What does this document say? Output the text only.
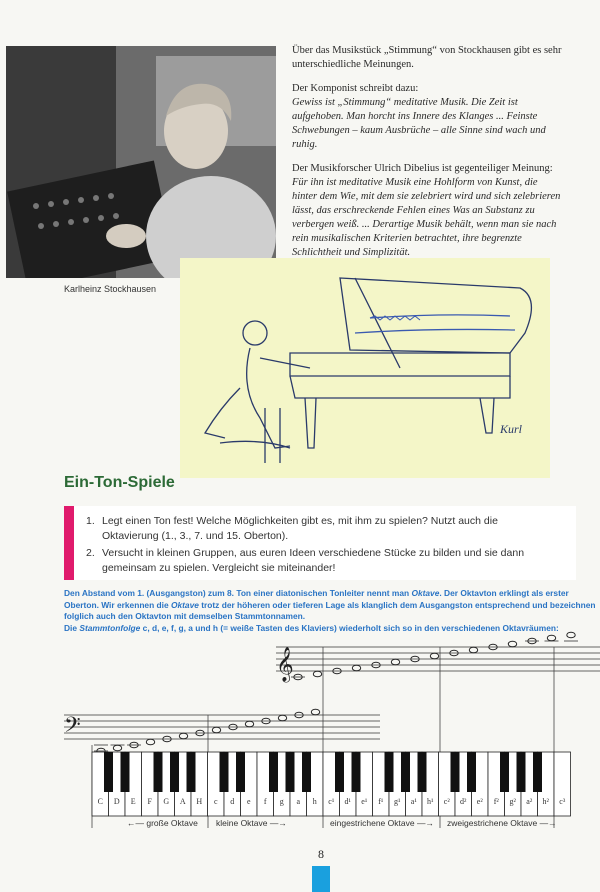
Karlheinz Stockhausen

Über das Musikstück „Stimmung“ von Stockhausen gibt es sehr unterschiedliche Meinungen.

Der Komponist schreibt dazu:
Gewiss ist „Stimmung“ meditative Musik. Die Zeit ist aufgehoben. Man horcht ins Innere des Klanges ... Feinste Schwebungen – kaum Ausbrüche – alle Sinne sind wach und ruhig.

Der Musikforscher Ulrich Dibelius ist gegenteiliger Meinung:
Für ihn ist meditative Musik eine Hohlform von Kunst, die hinter dem Wie, mit dem sie zelebriert wird und sich zelebrieren lässt, das erschreckende Fehlen eines Was an Substanz zu verbergen weiß. ... Derartige Musik behält, wenn man sie nach rein musikalischen Kriterien betrachtet, ihre begrenzte Schlichtheit und Simplizität.

Kurl
Ein-Ton-Spiele
1. Legt einen Ton fest! Welche Möglichkeiten gibt es, mit ihm zu spielen? Nutzt auch die Oktavierung (1., 3., 7. und 15. Oberton).
2. Versucht in kleinen Gruppen, aus euren Ideen verschiedene Stücke zu bilden und sie dann gemeinsam zu spielen. Vergleicht sie miteinander!
Den Abstand vom 1. (Ausgangston) zum 8. Ton einer diatonischen Tonleiter nennt man Oktave. Der Oktavton erklingt als erster Oberton. Wir erkennen die Oktave trotz der höheren oder tieferen Lage als klanglich dem Ausgangston entsprechend und bezeichnen folglich auch den Oktavton mit demselben Stammtonnamen.
Die Stammtonfolge c, d, e, f, g, a und h (= weiße Tasten des Klaviers) wiederholt sich so in den verschiedenen Oktavräumen:
𝄞
𝄢
C	D	E	F	G	A	H	c	d	e	f	g	a	h	c¹	d¹	e¹	f¹	g¹	a¹	h¹	c²	d²	e²	f²	g²	a²	h²	c³
←— große Oktave kleine Oktave —→	eingestrichene Oktave —→ zweigestrichene Oktave —→
8
